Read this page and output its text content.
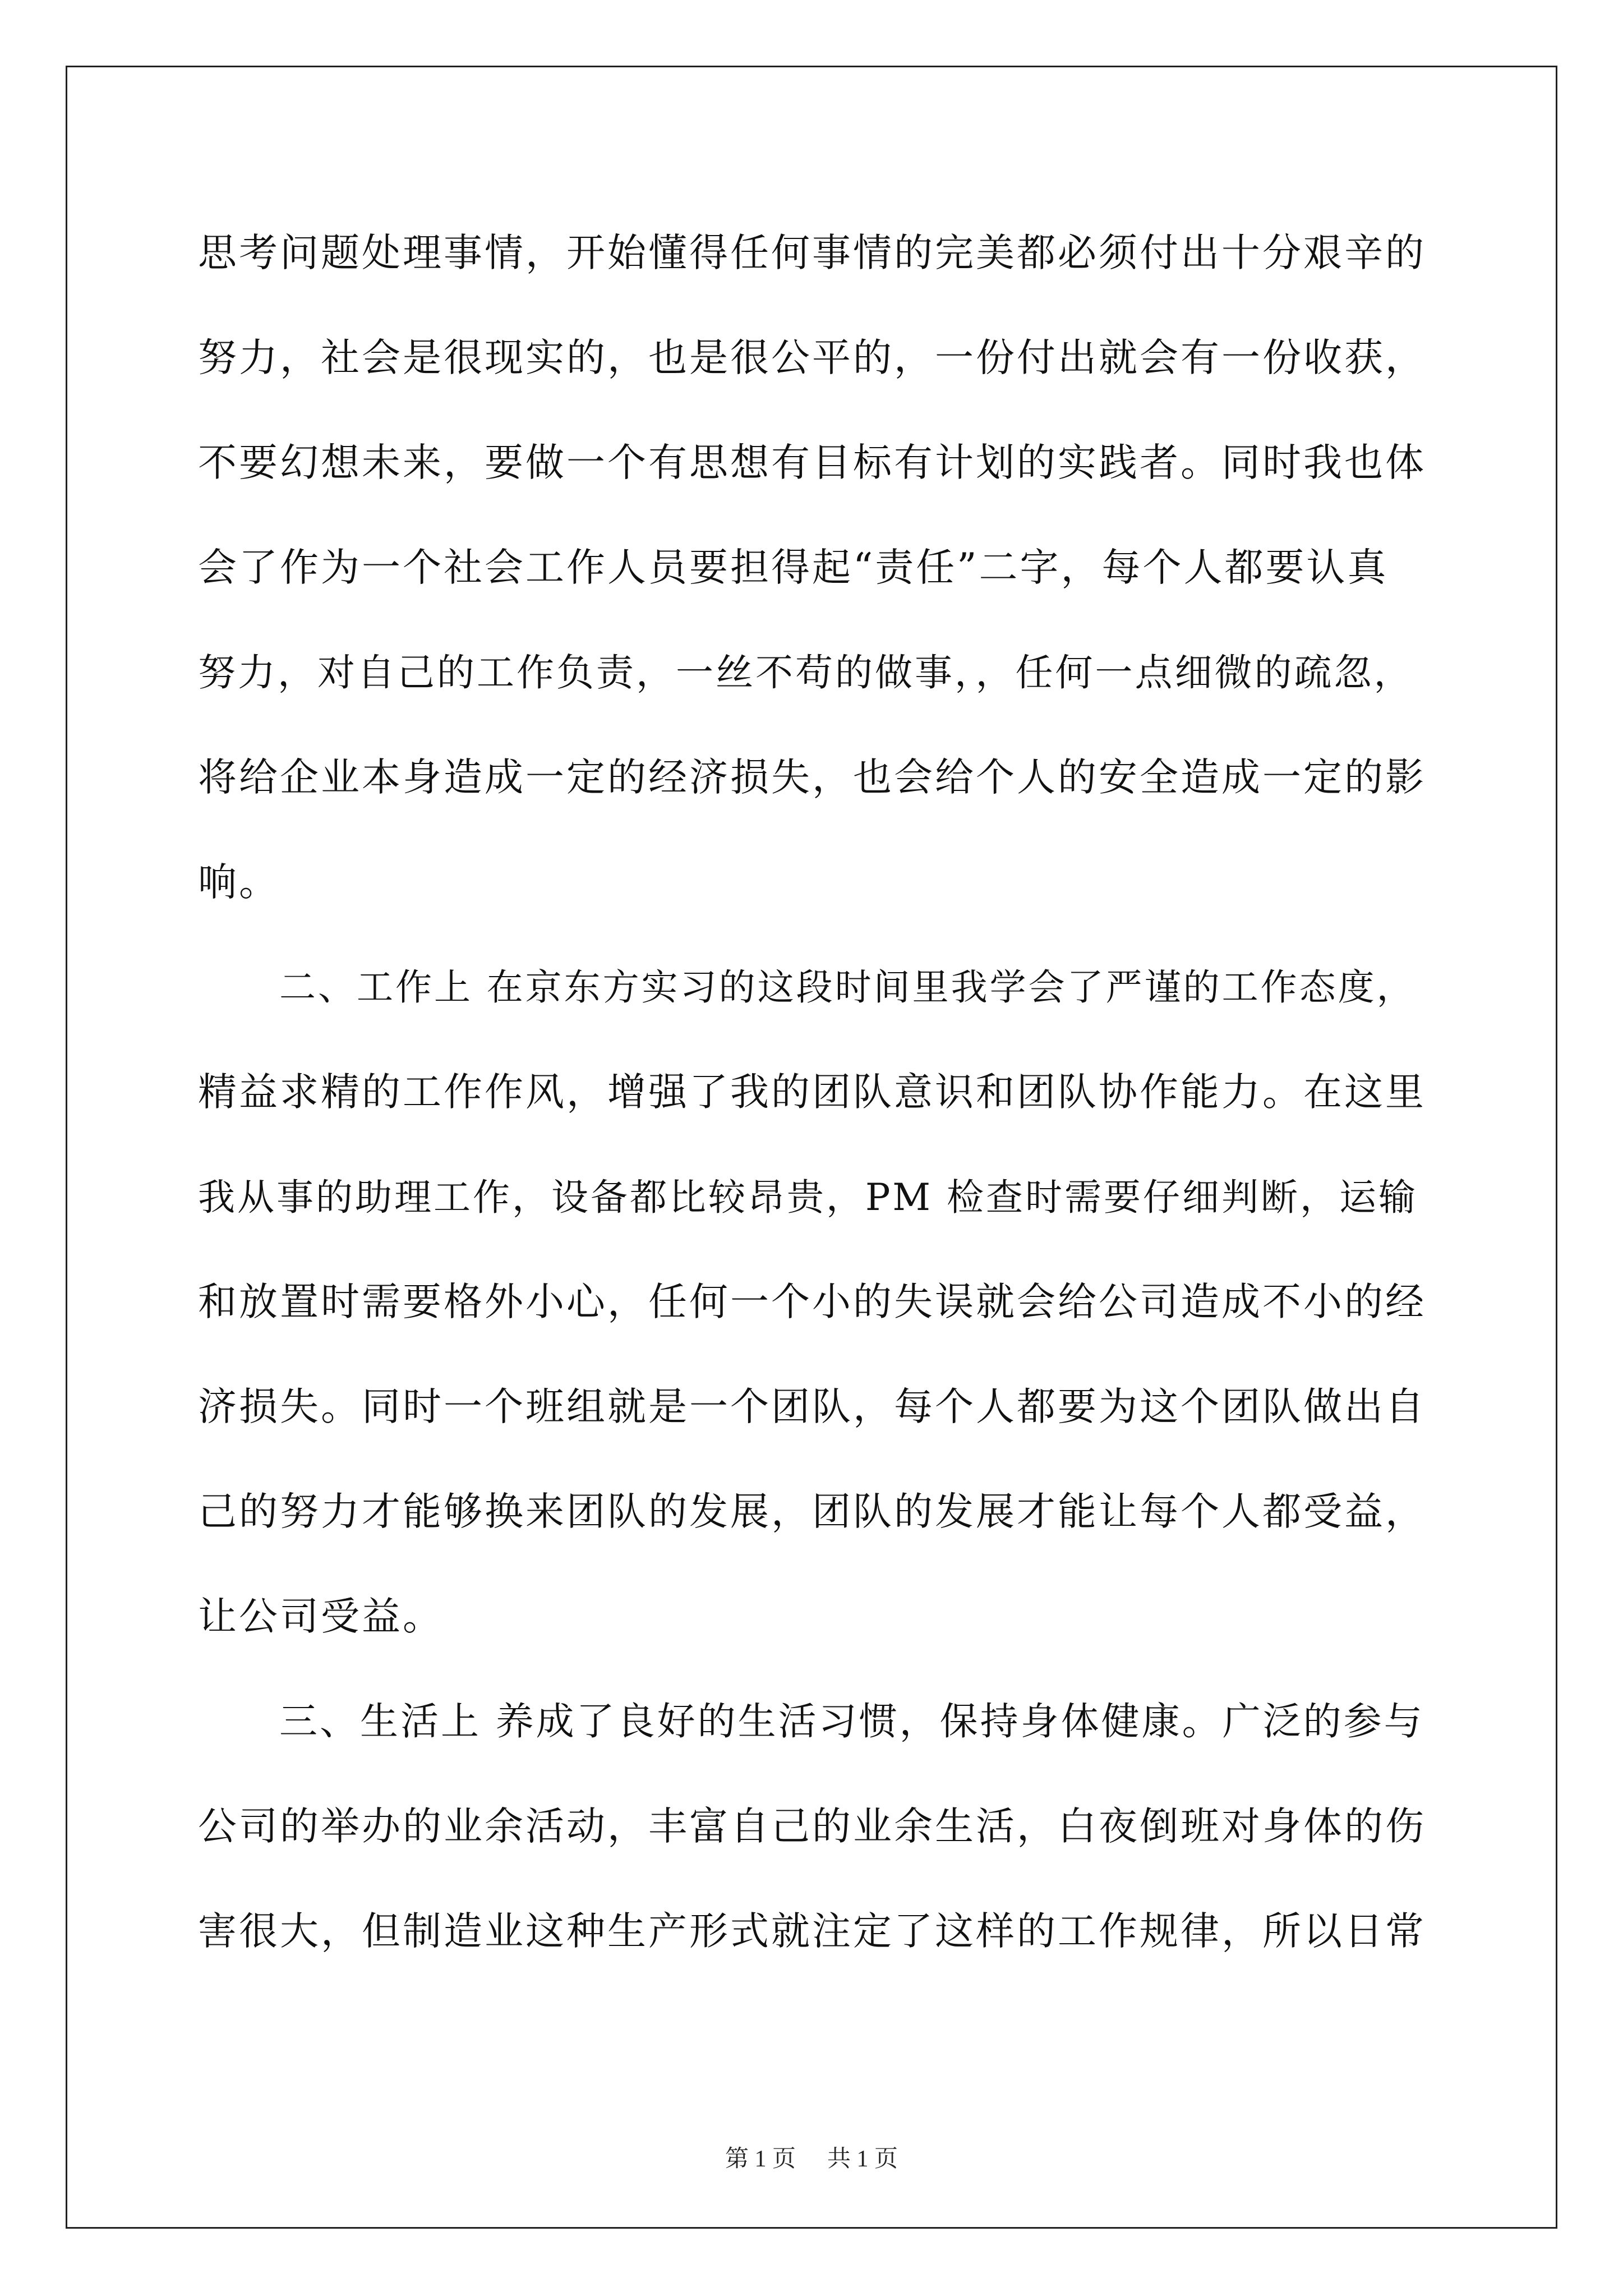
思考问题处理事情，开始懂得任何事情的完美都必须付出十分艰辛的
努力，社会是很现实的，也是很公平的，一份付出就会有一份收获，
不要幻想未来，要做一个有思想有目标有计划的实践者。同时我也体
会了作为一个社会工作人员要担得起“责任”二字，每个人都要认真
努力，对自己的工作负责，一丝不苟的做事，，任何一点细微的疏忽，
将给企业本身造成一定的经济损失，也会给个人的安全造成一定的影
响。
二、工作上 在京东方实习的这段时间里我学会了严谨的工作态度，
精益求精的工作作风，增强了我的团队意识和团队协作能力。在这里
我从事的助理工作，设备都比较昂贵，PM 检查时需要仔细判断，运输
和放置时需要格外小心，任何一个小的失误就会给公司造成不小的经
济损失。同时一个班组就是一个团队，每个人都要为这个团队做出自
己的努力才能够换来团队的发展，团队的发展才能让每个人都受益，
让公司受益。
三、生活上 养成了良好的生活习惯，保持身体健康。广泛的参与
公司的举办的业余活动，丰富自己的业余生活，白夜倒班对身体的伤
害很大，但制造业这种生产形式就注定了这样的工作规律，所以日常
第 1 页 共 1 页
